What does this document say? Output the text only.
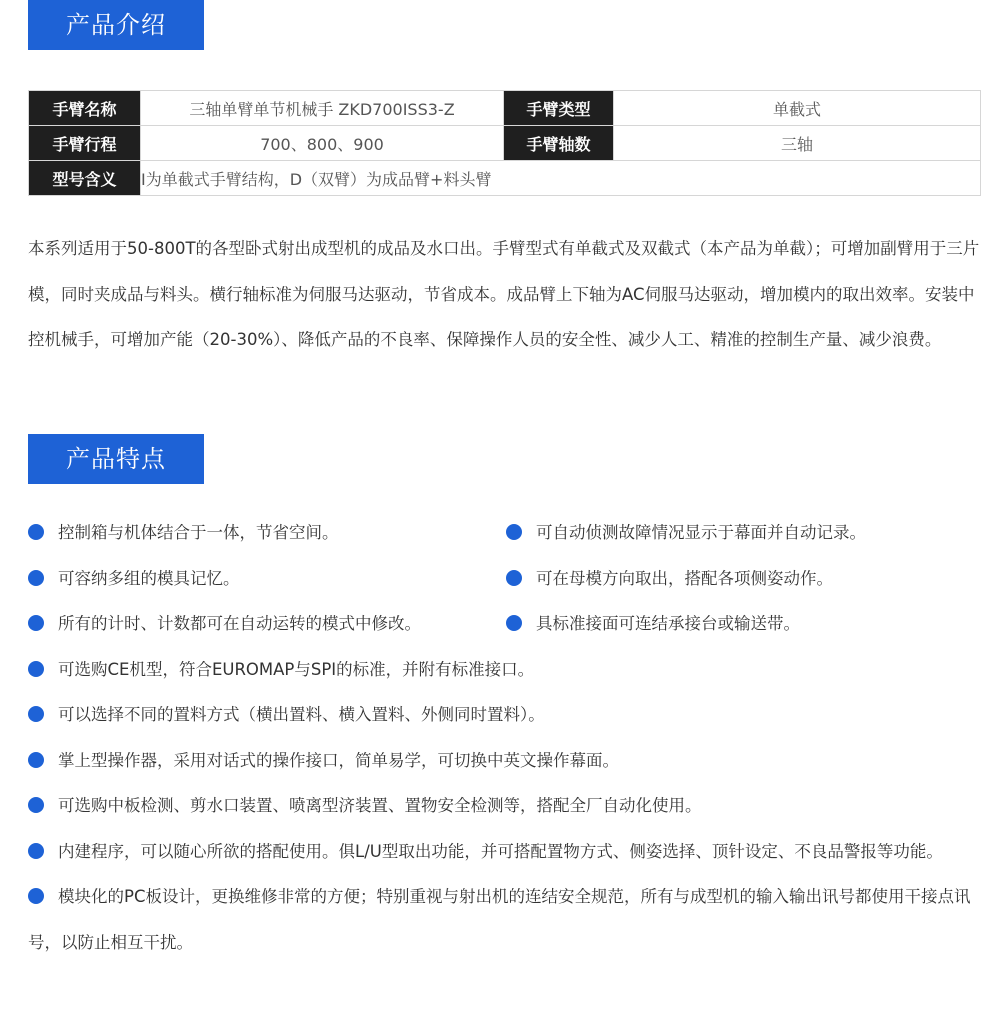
产品介绍
手臂名称	三轴单臂单节机械手 ZKD700ISS3-Z	手臂类型	单截式
手臂行程	700、800、900	手臂轴数	三轴
型号含义	I为单截式手臂结构，D（双臂）为成品臂+料头臂		

本系列适用于50-800T的各型卧式射出成型机的成品及水口出。手臂型式有单截式及双截式（本产品为单截）；可增加副臂用于三片模，同时夹成品与料头。横行轴标准为伺服马达驱动，节省成本。成品臂上下轴为AC伺服马达驱动，增加模内的取出效率。安装中控机械手，可增加产能（20-30%）、降低产品的不良率、保障操作人员的安全性、减少人工、精准的控制生产量、减少浪费。

产品特点
控制箱与机体结合于一体，节省空间。	可自动侦测故障情况显示于幕面并自动记录。
可容纳多组的模具记忆。	可在母模方向取出，搭配各项侧姿动作。
所有的计时、计数都可在自动运转的模式中修改。	具标准接面可连结承接台或输送带。
可选购CE机型，符合EUROMAP与SPI的标准，并附有标准接口。
可以选择不同的置料方式（横出置料、横入置料、外侧同时置料）。
掌上型操作器，采用对话式的操作接口，简单易学，可切换中英文操作幕面。
可选购中板检测、剪水口装置、喷离型济装置、置物安全检测等，搭配全厂自动化使用。

内建程序，可以随心所欲的搭配使用。俱L/U型取出功能，并可搭配置物方式、侧姿选择、顶针设定、不良品警报等功能。

模块化的PC板设计，更换维修非常的方便；特别重视与射出机的连结安全规范，所有与成型机的输入输出讯号都使用干接点讯号，以防止相互干扰。
